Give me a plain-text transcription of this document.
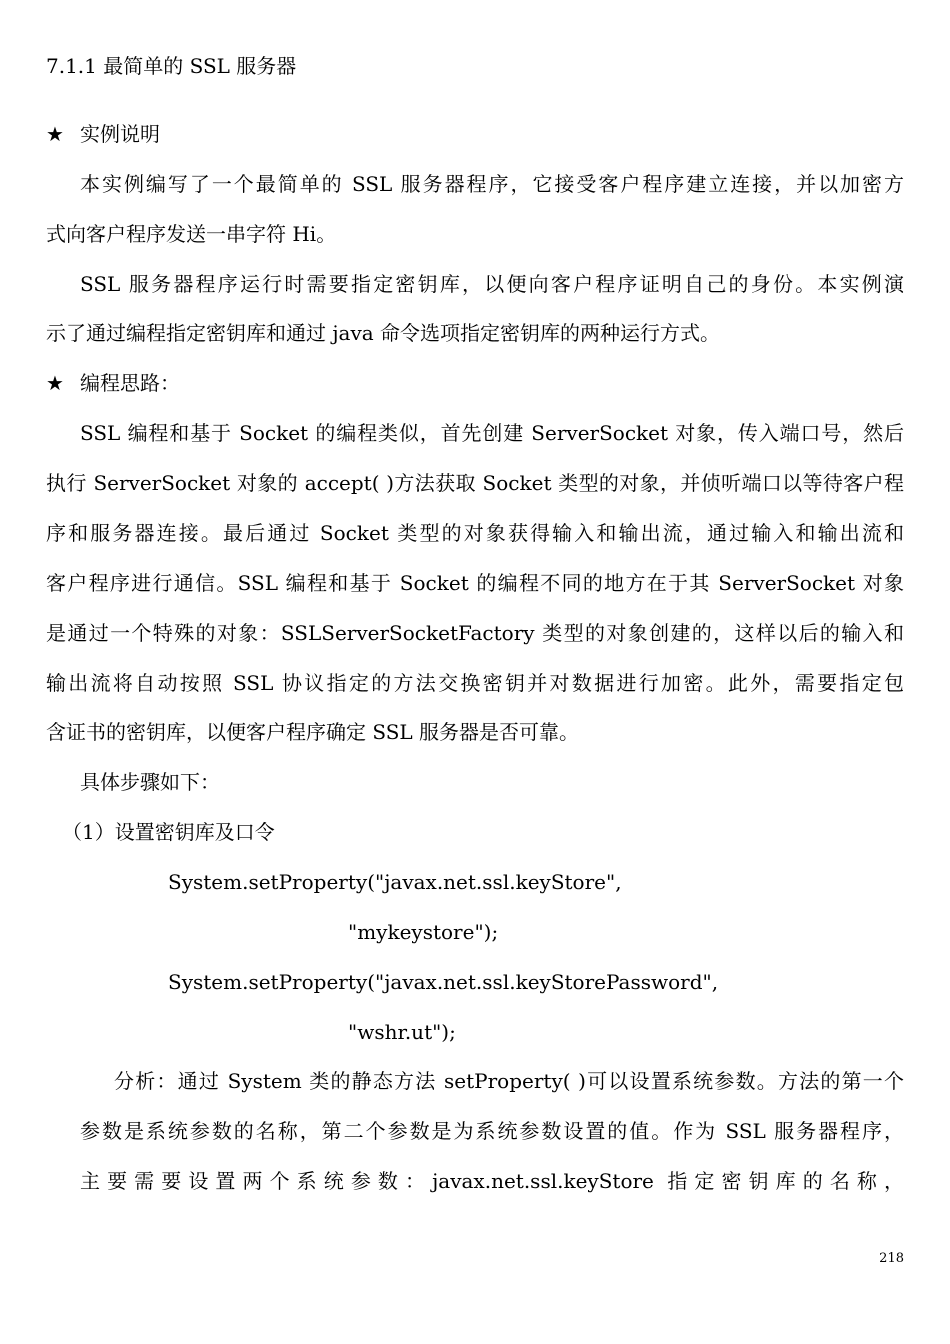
7.1.1 最简单的 SSL 服务器
★ 实例说明
本实例编写了一个最简单的 SSL 服务器程序，它接受客户程序建立连接，并以加密方
式向客户程序发送一串字符 Hi。
SSL 服务器程序运行时需要指定密钥库，以便向客户程序证明自己的身份。本实例演
示了通过编程指定密钥库和通过 java 命令选项指定密钥库的两种运行方式。
★ 编程思路：
SSL 编程和基于 Socket 的编程类似，首先创建 ServerSocket 对象，传入端口号，然后
执行 ServerSocket 对象的 accept( )方法获取 Socket 类型的对象，并侦听端口以等待客户程
序和服务器连接。最后通过 Socket 类型的对象获得输入和输出流，通过输入和输出流和
客户程序进行通信。SSL 编程和基于 Socket 的编程不同的地方在于其 ServerSocket 对象
是通过一个特殊的对象：SSLServerSocketFactory 类型的对象创建的，这样以后的输入和
输出流将自动按照 SSL 协议指定的方法交换密钥并对数据进行加密。此外，需要指定包
含证书的密钥库，以便客户程序确定 SSL 服务器是否可靠。
具体步骤如下：
（1）设置密钥库及口令
System.setProperty("javax.net.ssl.keyStore",
"mykeystore");
System.setProperty("javax.net.ssl.keyStorePassword",
"wshr.ut");
分析：通过 System 类的静态方法 setProperty( )可以设置系统参数。方法的第一个
参数是系统参数的名称，第二个参数是为系统参数设置的值。作为 SSL 服务器程序，
主要需要设置两个系统参数：javax.net.ssl.keyStore 指定密钥库的名称，
218
